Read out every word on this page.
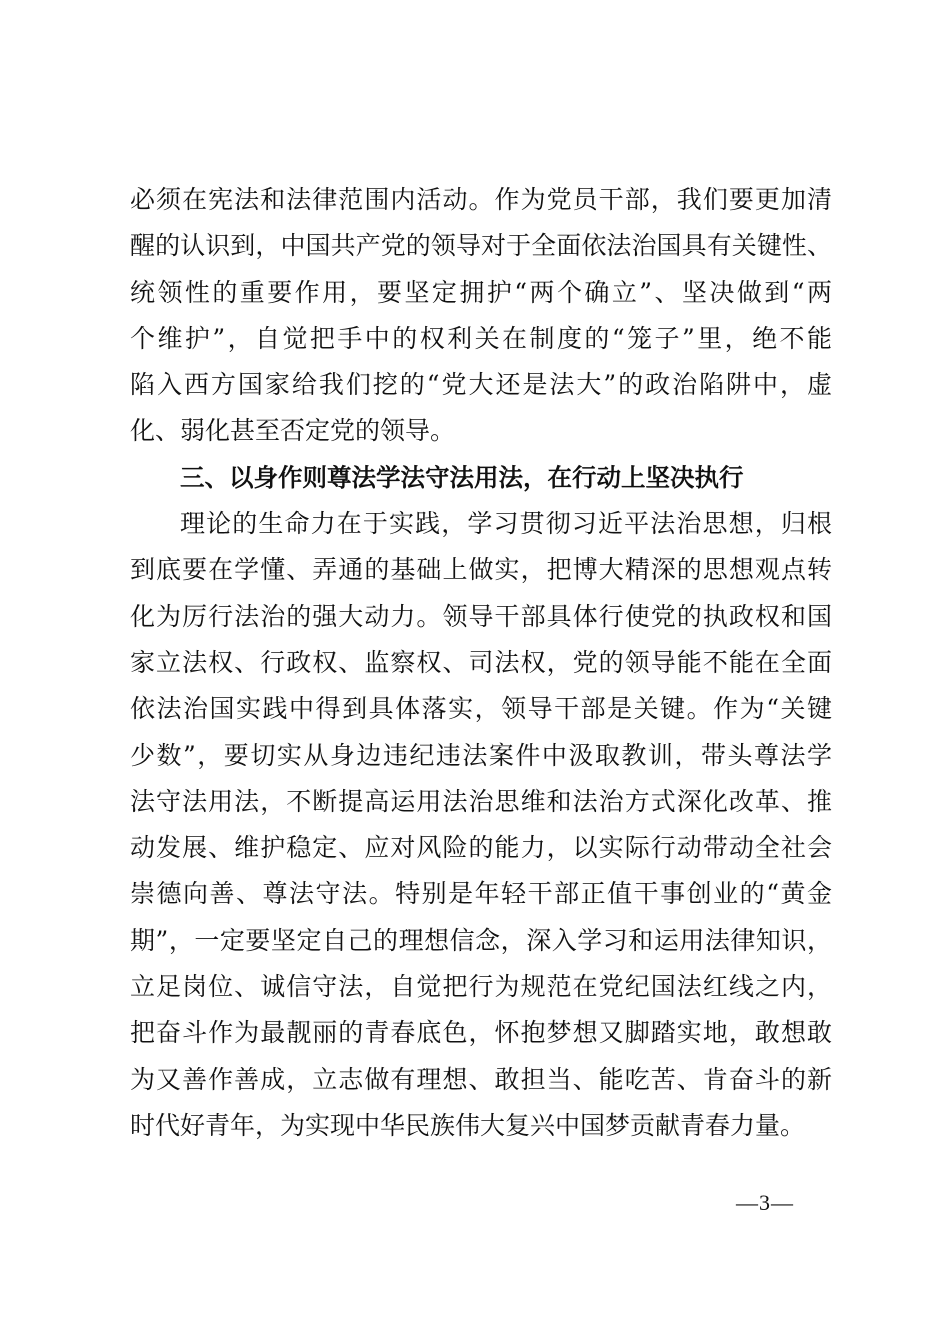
必须在宪法和法律范围内活动。作为党员干部，我们要更加清
醒的认识到，中国共产党的领导对于全面依法治国具有关键性、
统领性的重要作用，要坚定拥护“两个确立”、坚决做到“两
个维护”，自觉把手中的权利关在制度的“笼子”里，绝不能
陷入西方国家给我们挖的“党大还是法大”的政治陷阱中，虚
化、弱化甚至否定党的领导。
三、以身作则尊法学法守法用法，在行动上坚决执行
理论的生命力在于实践，学习贯彻习近平法治思想，归根
到底要在学懂、弄通的基础上做实，把博大精深的思想观点转
化为厉行法治的强大动力。领导干部具体行使党的执政权和国
家立法权、行政权、监察权、司法权，党的领导能不能在全面
依法治国实践中得到具体落实，领导干部是关键。作为“关键
少数”，要切实从身边违纪违法案件中汲取教训，带头尊法学
法守法用法，不断提高运用法治思维和法治方式深化改革、推
动发展、维护稳定、应对风险的能力，以实际行动带动全社会
崇德向善、尊法守法。特别是年轻干部正值干事创业的“黄金
期”，一定要坚定自己的理想信念，深入学习和运用法律知识，
立足岗位、诚信守法，自觉把行为规范在党纪国法红线之内，
把奋斗作为最靓丽的青春底色，怀抱梦想又脚踏实地，敢想敢
为又善作善成，立志做有理想、敢担当、能吃苦、肯奋斗的新
时代好青年，为实现中华民族伟大复兴中国梦贡献青春力量。
—3—
